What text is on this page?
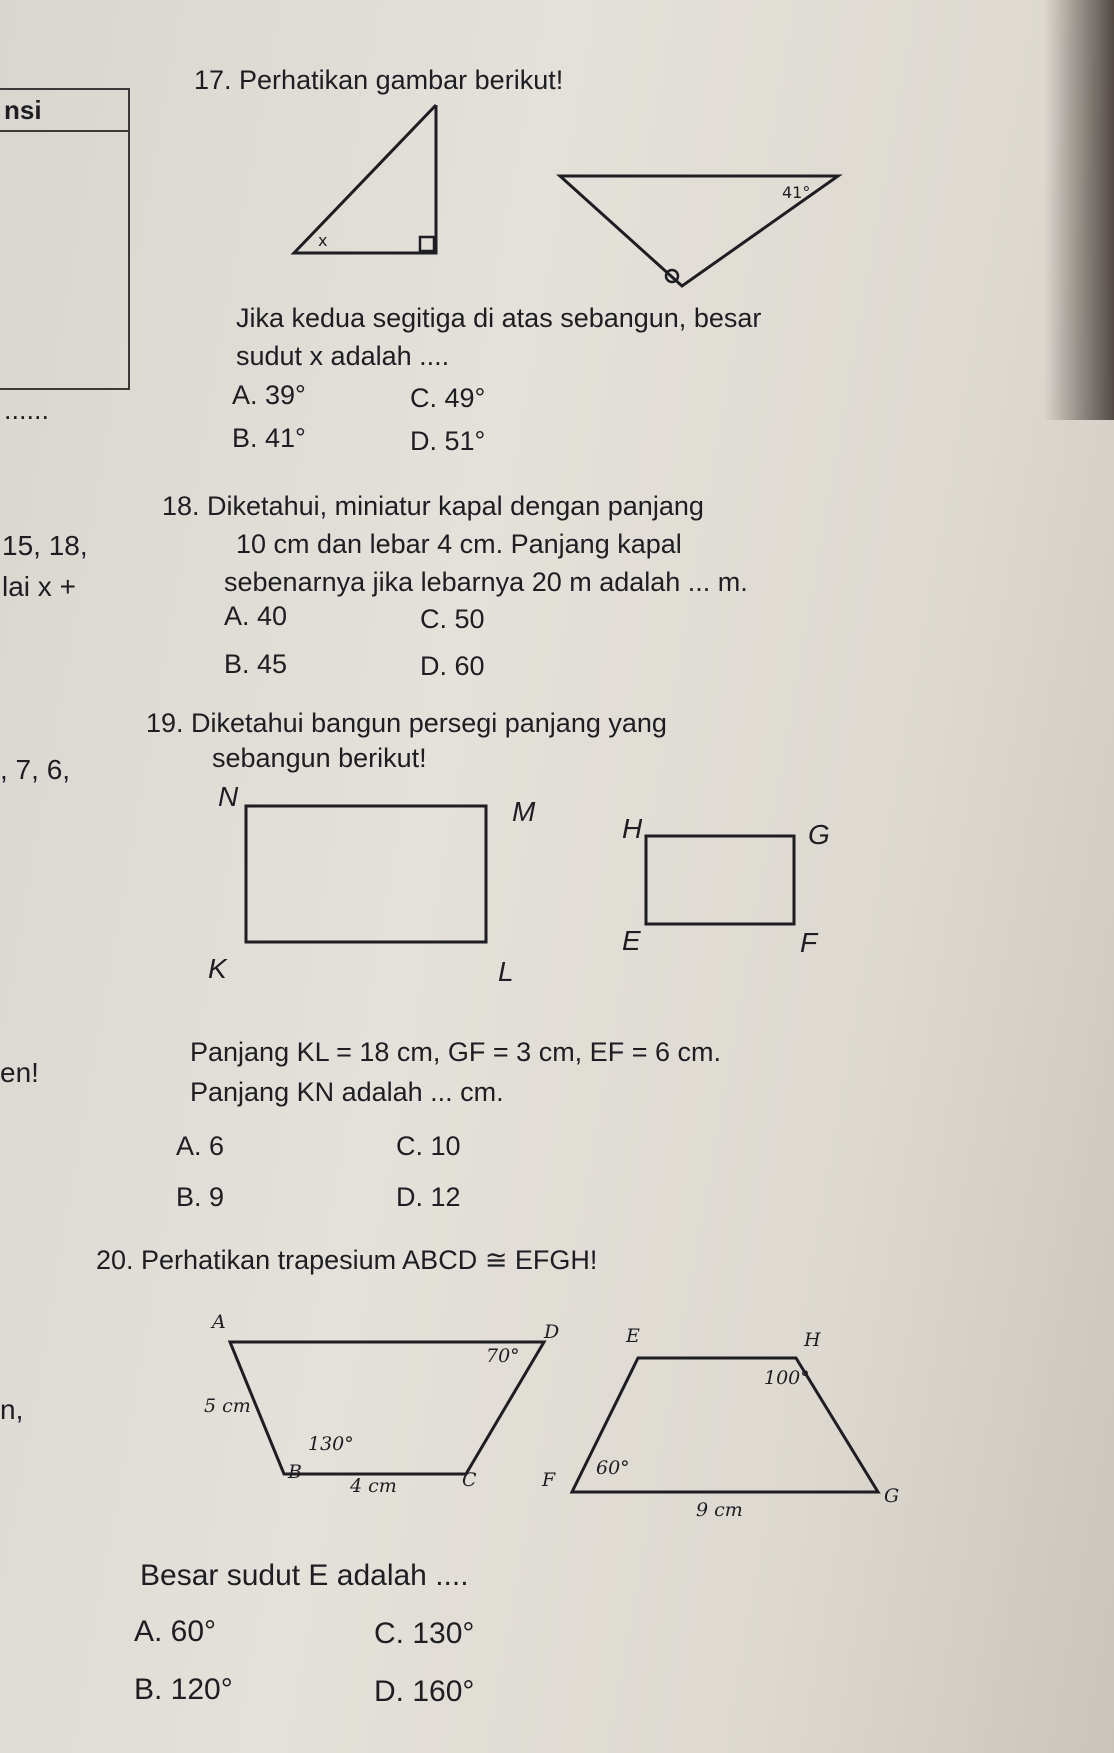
nsi
......
15, 18,
lai x +
, 7, 6,
en!
n,
17. Perhatikan gambar berikut!
x
41°
Jika kedua segitiga di atas sebangun, besar
sudut x adalah ....
A. 39°
B. 41°
C. 49°
D. 51°
18. Diketahui, miniatur kapal dengan panjang
10 cm dan lebar 4 cm. Panjang kapal
sebenarnya jika lebarnya 20 m adalah ... m.
A. 40
B. 45
C. 50
D. 60
19. Diketahui bangun persegi panjang yang
sebangun berikut!
N	M
K	L
H	G
E	F
Panjang KL = 18 cm, GF = 3 cm, EF = 6 cm.
Panjang KN adalah ... cm.
A. 6
B. 9
C. 10
D. 12
20. Perhatikan trapesium ABCD ≅ EFGH!
A	D
B	C
70°
5 cm
130°
4 cm
E	H
F
G
100°
60°
9 cm
Besar sudut E adalah ....
A. 60°
B. 120°
C. 130°
D. 160°
